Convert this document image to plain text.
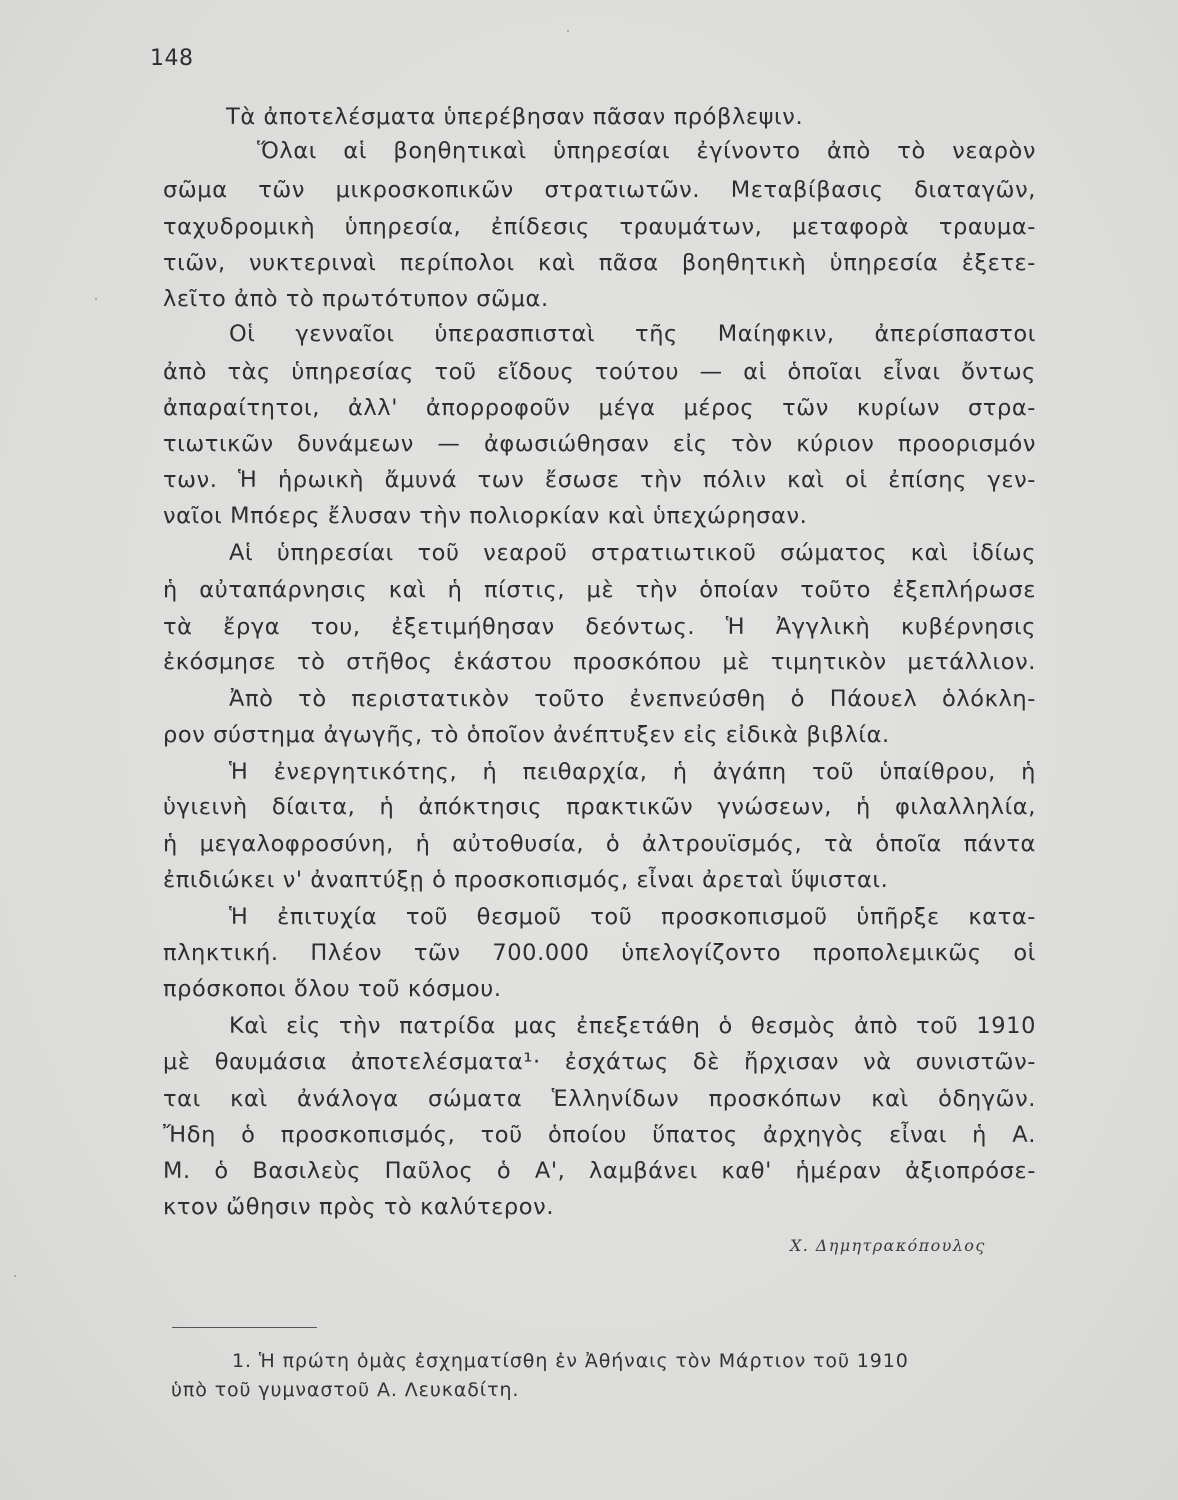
148
Τὰ ἀποτελέσματα ὑπερέβησαν πᾶσαν πρόβλεψιν.
Ὅλαι αἱ βοηθητικαὶ ὑπηρεσίαι ἐγίνοντο ἀπὸ τὸ νεαρὸν
σῶμα τῶν μικροσκοπικῶν στρατιωτῶν. Μεταβίβασις διαταγῶν,
ταχυδρομικὴ ὑπηρεσία, ἐπίδεσις τραυμάτων, μεταφορὰ τραυμα-
τιῶν, νυκτεριναὶ περίπολοι καὶ πᾶσα βοηθητικὴ ὑπηρεσία ἐξετε-
λεῖτο ἀπὸ τὸ πρωτότυπον σῶμα.
Οἱ γενναῖοι ὑπερασπισταὶ τῆς Μαίηφκιν, ἀπερίσπαστοι
ἀπὸ τὰς ὑπηρεσίας τοῦ εἴδους τούτου — αἱ ὁποῖαι εἶναι ὄντως
ἀπαραίτητοι, ἀλλ' ἀπορροφοῦν μέγα μέρος τῶν κυρίων στρα-
τιωτικῶν δυνάμεων — ἀφωσιώθησαν εἰς τὸν κύριον προορισμόν
των. Ἡ ἡρωικὴ ἄμυνά των ἔσωσε τὴν πόλιν καὶ οἱ ἐπίσης γεν-
ναῖοι Μπόερς ἔλυσαν τὴν πολιορκίαν καὶ ὑπεχώρησαν.
Αἱ ὑπηρεσίαι τοῦ νεαροῦ στρατιωτικοῦ σώματος καὶ ἰδίως
ἡ αὐταπάρνησις καὶ ἡ πίστις, μὲ τὴν ὁποίαν τοῦτο ἐξεπλήρωσε
τὰ ἔργα του, ἐξετιμήθησαν δεόντως. Ἡ Ἀγγλικὴ κυβέρνησις
ἐκόσμησε τὸ στῆθος ἑκάστου προσκόπου μὲ τιμητικὸν μετάλλιον.
Ἀπὸ τὸ περιστατικὸν τοῦτο ἐνεπνεύσθη ὁ Πάουελ ὁλόκλη-
ρον σύστημα ἀγωγῆς, τὸ ὁποῖον ἀνέπτυξεν εἰς εἰδικὰ βιβλία.
Ἡ ἐνεργητικότης, ἡ πειθαρχία, ἡ ἀγάπη τοῦ ὑπαίθρου, ἡ
ὑγιεινὴ δίαιτα, ἡ ἀπόκτησις πρακτικῶν γνώσεων, ἡ φιλαλληλία,
ἡ μεγαλοφροσύνη, ἡ αὐτοθυσία, ὁ ἀλτρουϊσμός, τὰ ὁποῖα πάντα
ἐπιδιώκει ν' ἀναπτύξῃ ὁ προσκοπισμός, εἶναι ἀρεταὶ ὕψισται.
Ἡ ἐπιτυχία τοῦ θεσμοῦ τοῦ προσκοπισμοῦ ὑπῆρξε κατα-
πληκτική. Πλέον τῶν 700.000 ὑπελογίζοντο προπολεμικῶς οἱ
πρόσκοποι ὅλου τοῦ κόσμου.
Καὶ εἰς τὴν πατρίδα μας ἐπεξετάθη ὁ θεσμὸς ἀπὸ τοῦ 1910
μὲ θαυμάσια ἀποτελέσματα¹· ἐσχάτως δὲ ἤρχισαν νὰ συνιστῶν-
ται καὶ ἀνάλογα σώματα Ἑλληνίδων προσκόπων καὶ ὁδηγῶν.
Ἤδη ὁ προσκοπισμός, τοῦ ὁποίου ὕπατος ἀρχηγὸς εἶναι ἡ Α.
Μ. ὁ Βασιλεὺς Παῦλος ὁ Α', λαμβάνει καθ' ἡμέραν ἀξιοπρόσε-
κτον ὤθησιν πρὸς τὸ καλύτερον.
Χ. Δημητρακόπουλος
1. Ἡ πρώτη ὁμὰς ἐσχηματίσθη ἐν Ἀθήναις τὸν Μάρτιον τοῦ 1910
ὑπὸ τοῦ γυμναστοῦ Α. Λευκαδίτη.
